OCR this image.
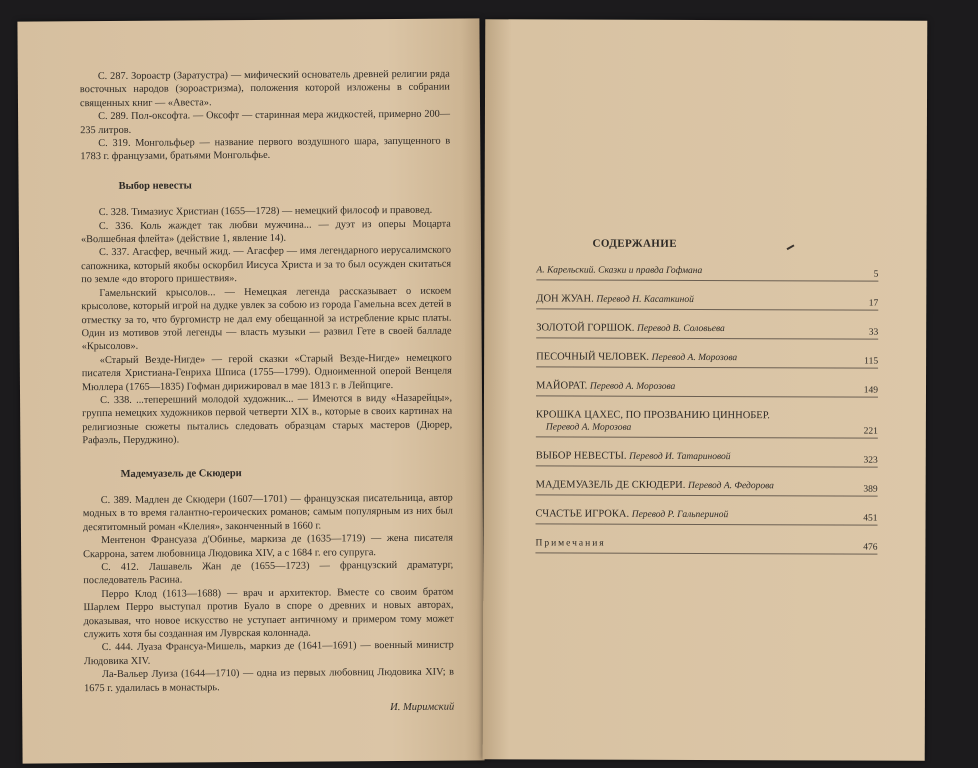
С. 287. Зороастр (Заратустра) — мифический основатель древней религии ряда восточных народов (зороастризма), положения которой изложены в собрании священных книг — «Авеста».

С. 289. Пол-оксофта. — Оксофт — старинная мера жидкостей, примерно 200—235 литров.

С. 319. Монгольфьер — название первого воздушного шара, запущенного в 1783 г. французами, братьями Монгольфье.

Выбор невесты

С. 328. Тимазиус Христиан (1655—1728) — немецкий философ и правовед.

С. 336. Коль жаждет так любви мужчина... — дуэт из оперы Моцарта «Волшебная флейта» (действие 1, явление 14).

С. 337. Агасфер, вечный жид. — Агасфер — имя легендарного иерусалимского сапожника, который якобы оскорбил Иисуса Христа и за то был осужден скитаться по земле «до второго пришествия».

Гамельнский крысолов... — Немецкая легенда рассказывает о искоем крысолове, который игрой на дудке увлек за собою из города Гамельна всех детей в отместку за то, что бургомистр не дал ему обещанной за истребление крыс платы. Один из мотивов этой легенды — власть музыки — развил Гете в своей балладе «Крысолов».

«Старый Везде-Нигде» — герой сказки «Старый Везде-Нигде» немецкого писателя Христиана-Генриха Шписа (1755—1799). Одноименной оперой Венцеля Мюллера (1765—1835) Гофман дирижировал в мае 1813 г. в Лейпциге.

С. 338. ...теперешний молодой художник... — Имеются в виду «Назарейцы», группа немецких художников первой четверти XIX в., которые в своих картинах на религиозные сюжеты пытались следовать образцам старых мастеров (Дюрер, Рафаэль, Перуджино).

Мадемуазель де Скюдери

С. 389. Мадлен де Скюдери (1607—1701) — французская писательница, автор модных в то время галантно-героических романов; самым популярным из них был десятитомный роман «Клелия», законченный в 1660 г.

Ментенон Франсуаза д'Обинье, маркиза де (1635—1719) — жена писателя Скаррона, затем любовница Людовика XIV, а с 1684 г. его супруга.

С. 412. Лашавель Жан де (1655—1723) — французский драматург, последователь Расина.

Перро Клод (1613—1688) — врач и архитектор. Вместе со своим братом Шарлем Перро выступал против Буало в споре о древних и новых авторах, доказывая, что новое искусство не уступает античному и примером тому может служить хотя бы созданная им Луврская колоннада.

С. 444. Луаза Франсуа-Мишель, маркиз де (1641—1691) — военный министр Людовика XIV.

Ла-Вальер Луиза (1644—1710) — одна из первых любовниц Людовика XIV; в 1675 г. удалилась в монастырь.

И. Миримский
СОДЕРЖАНИЕ
А. Карельский. Сказки и правда Гофмана	5
ДОН ЖУАН. Перевод Н. Касаткиной	17
ЗОЛОТОЙ ГОРШОК. Перевод В. Соловьева	33
ПЕСОЧНЫЙ ЧЕЛОВЕК. Перевод А. Морозова	115
МАЙОРАТ. Перевод А. Морозова	149
КРОШКА ЦАХЕС, ПО ПРОЗВАНИЮ ЦИННОБЕР.
Перевод А. Морозова	221
ВЫБОР НЕВЕСТЫ. Перевод И. Татариновой	323
МАДЕМУАЗЕЛЬ ДЕ СКЮДЕРИ. Перевод А. Федорова	389
СЧАСТЬЕ ИГРОКА. Перевод Р. Гальпериной	451
Примечания	476
